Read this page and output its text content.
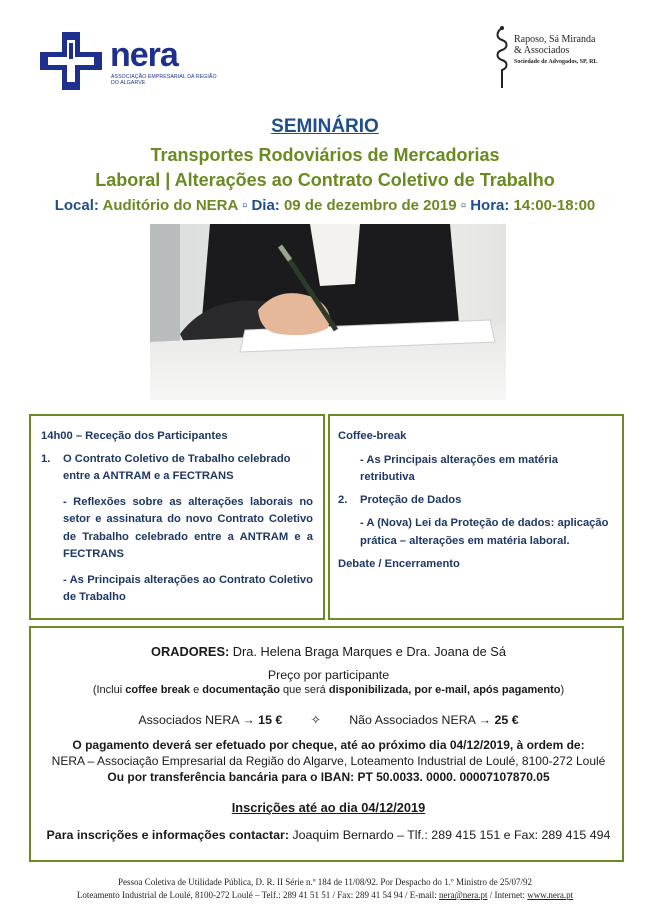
nera
ASSOCIAÇÃO EMPRESARIAL DA REGIÃO DO ALGARVE
Raposo, Sá Miranda
& Associados
Sociedade de Advogados, SP, RL
SEMINÁRIO
Transportes Rodoviários de Mercadorias
Laboral | Alterações ao Contrato Coletivo de Trabalho
Local: Auditório do NERA ▫ Dia: 09 de dezembro de 2019 ▫ Hora: 14:00-18:00

14h00 – Receção dos Participantes

1.	O Contrato Coletivo de Trabalho celebrado entre a ANTRAM e a FECTRANS

- Reflexões sobre as alterações laborais no setor e assinatura do novo Contrato Coletivo de Trabalho celebrado entre a ANTRAM e a FECTRANS

- As Principais alterações ao Contrato Coletivo de Trabalho

Coffee-break

- As Principais alterações em matéria retributiva

2.	Proteção de Dados

- A (Nova) Lei da Proteção de dados: aplicação prática – alterações em matéria laboral.

Debate / Encerramento

ORADORES: Dra. Helena Braga Marques e Dra. Joana de Sá
Preço por participante
(Inclui coffee break e documentação que será disponibilizada, por e-mail, após pagamento)
Associados NERA → 15 € ✧ Não Associados NERA → 25 €
O pagamento deverá ser efetuado por cheque, até ao próximo dia 04/12/2019, à ordem de:
NERA – Associação Empresarial da Região do Algarve, Loteamento Industrial de Loulé, 8100-272 Loulé
Ou por transferência bancária para o IBAN: PT 50.0033. 0000. 00007107870.05
Inscrições até ao dia 04/12/2019
Para inscrições e informações contactar: Joaquim Bernardo – Tlf.: 289 415 151 e Fax: 289 415 494
Pessoa Coletiva de Utilidade Pública, D. R. II Série n.º 184 de 11/08/92. Por Despacho do 1.º Ministro de 25/07/92
Loteamento Industrial de Loulé, 8100-272 Loulé – Telf.: 289 41 51 51 / Fax: 289 41 54 94 / E-mail: nera@nera.pt / Internet: www.nera.pt
